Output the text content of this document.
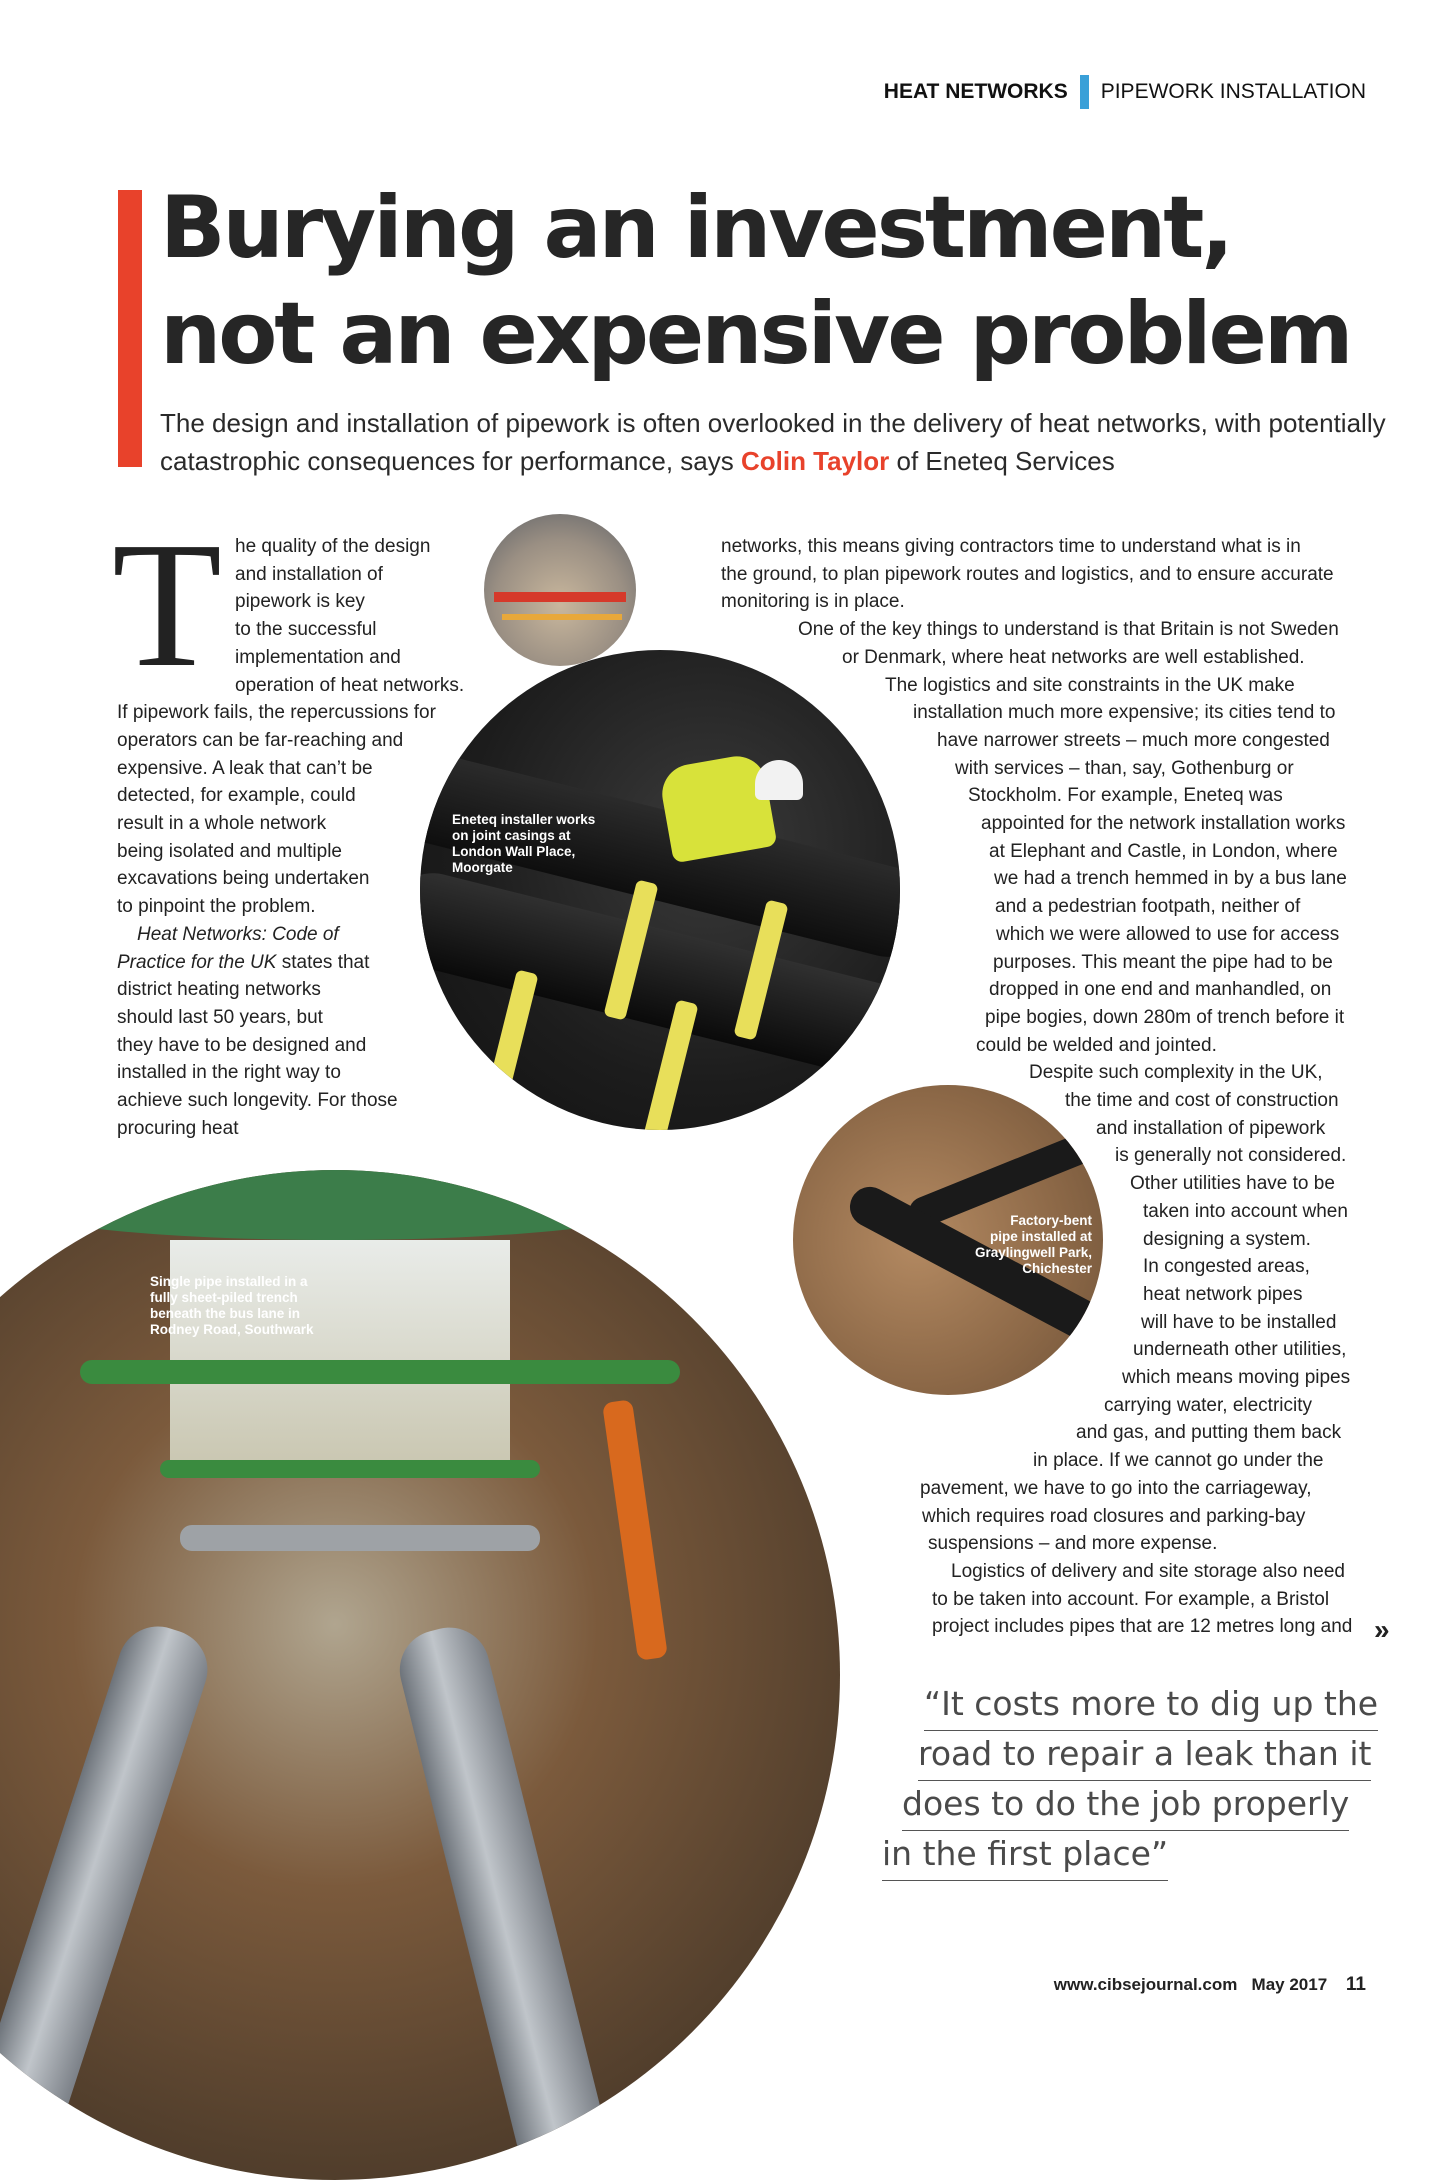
HEAT NETWORKS PIPEWORK INSTALLATION
Burying an investment,
not an expensive problem

The design and installation of pipework is often overlooked in the delivery of heat networks, with potentially catastrophic consequences for performance, says Colin Taylor of Eneteq Services

Eneteq installer works
on joint casings at
London Wall Place,
Moorgate
Factory-bent
pipe installed at
Graylingwell Park,
Chichester
Single pipe installed in a
fully sheet-piled trench
beneath the bus lane in
Rodney Road, Southwark
T he quality of the design
and installation of
pipework is key
to the successful
implementation and
operation of heat networks.
If pipework fails, the repercussions for
operators can be far-reaching and
expensive. A leak that can’t be
detected, for example, could
result in a whole network
being isolated and multiple
excavations being undertaken
to pinpoint the problem.
Heat Networks: Code of
Practice for the UK states that
district heating networks
should last 50 years, but
they have to be designed and
installed in the right way to
achieve such longevity. For those
procuring heat
networks, this means giving contractors time to understand what is in
the ground, to plan pipework routes and logistics, and to ensure accurate
monitoring is in place.
One of the key things to understand is that Britain is not Sweden
or Denmark, where heat networks are well established.
The logistics and site constraints in the UK make
installation much more expensive; its cities tend to
have narrower streets – much more congested
with services – than, say, Gothenburg or
Stockholm. For example, Eneteq was
appointed for the network installation works
at Elephant and Castle, in London, where
we had a trench hemmed in by a bus lane
and a pedestrian footpath, neither of
which we were allowed to use for access
purposes. This meant the pipe had to be
dropped in one end and manhandled, on
pipe bogies, down 280m of trench before it
could be welded and jointed.
Despite such complexity in the UK,
the time and cost of construction
and installation of pipework
is generally not considered.
Other utilities have to be
taken into account when
designing a system.
In congested areas,
heat network pipes
will have to be installed
underneath other utilities,
which means moving pipes
carrying water, electricity
and gas, and putting them back
in place. If we cannot go under the
pavement, we have to go into the carriageway,
which requires road closures and parking-bay
suspensions – and more expense.
Logistics of delivery and site storage also need
to be taken into account. For example, a Bristol
project includes pipes that are 12 metres long and »
“It costs more to dig up the
road to repair a leak than it
does to do the job properly
in the first place”
www.cibsejournal.com May 2017 11
